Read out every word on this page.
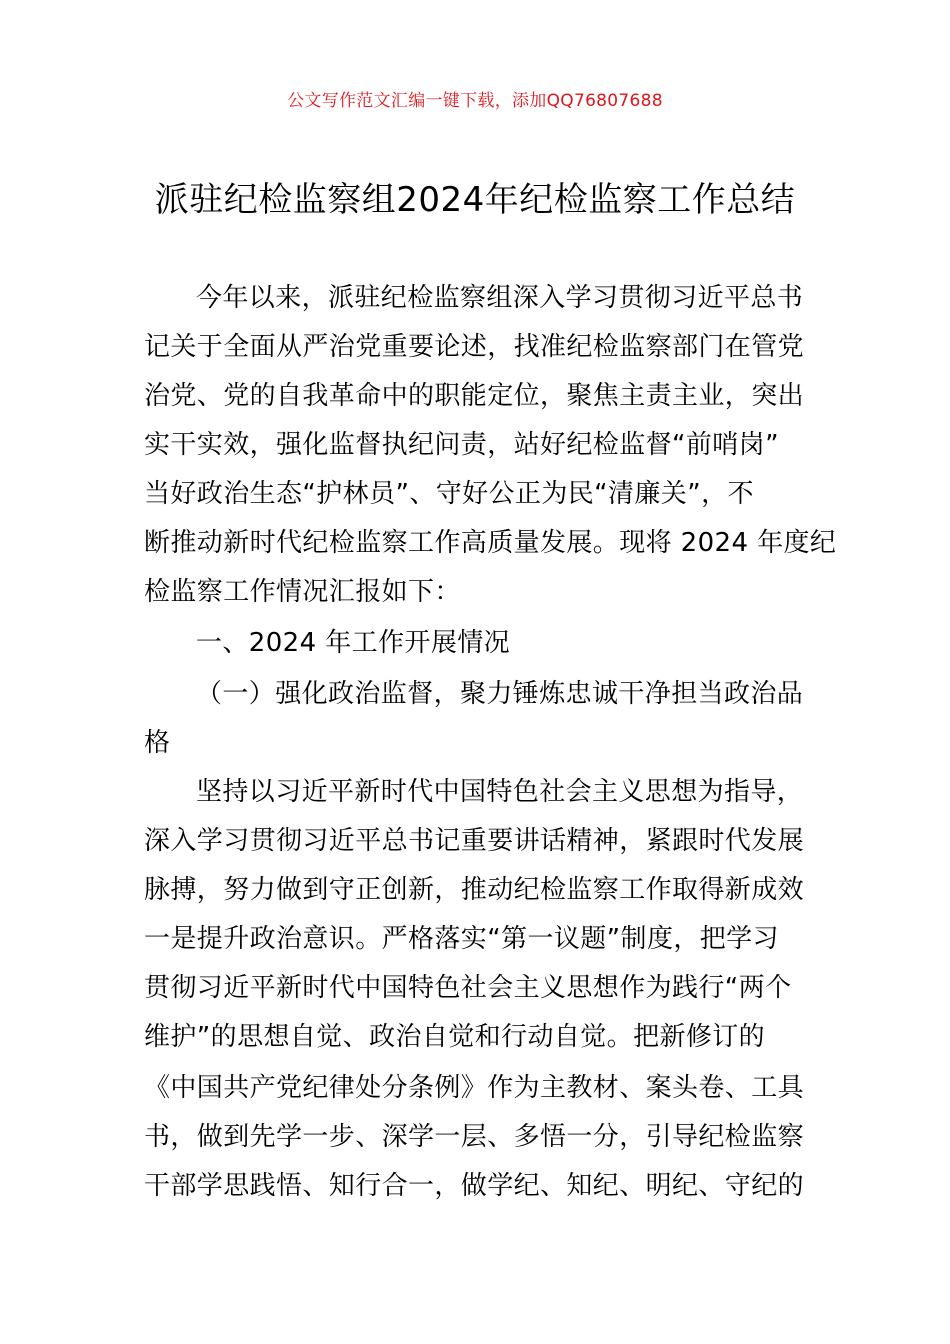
公文写作范文汇编一键下载，添加QQ76807688
派驻纪检监察组2024年纪检监察工作总结
今年以来，派驻纪检监察组深入学习贯彻习近平总书
记关于全面从严治党重要论述，找准纪检监察部门在管党
治党、党的自我革命中的职能定位，聚焦主责主业，突出
实干实效，强化监督执纪问责，站好纪检监督“前哨岗”
当好政治生态“护林员”、守好公正为民“清廉关”，不
断推动新时代纪检监察工作高质量发展。现将 2024 年度纪
检监察工作情况汇报如下：
一、2024 年工作开展情况
（一）强化政治监督，聚力锤炼忠诚干净担当政治品
格
坚持以习近平新时代中国特色社会主义思想为指导，
深入学习贯彻习近平总书记重要讲话精神，紧跟时代发展
脉搏，努力做到守正创新，推动纪检监察工作取得新成效
一是提升政治意识。严格落实“第一议题”制度，把学习
贯彻习近平新时代中国特色社会主义思想作为践行“两个
维护”的思想自觉、政治自觉和行动自觉。把新修订的
《中国共产党纪律处分条例》作为主教材、案头卷、工具
书，做到先学一步、深学一层、多悟一分，引导纪检监察
干部学思践悟、知行合一，做学纪、知纪、明纪、守纪的
